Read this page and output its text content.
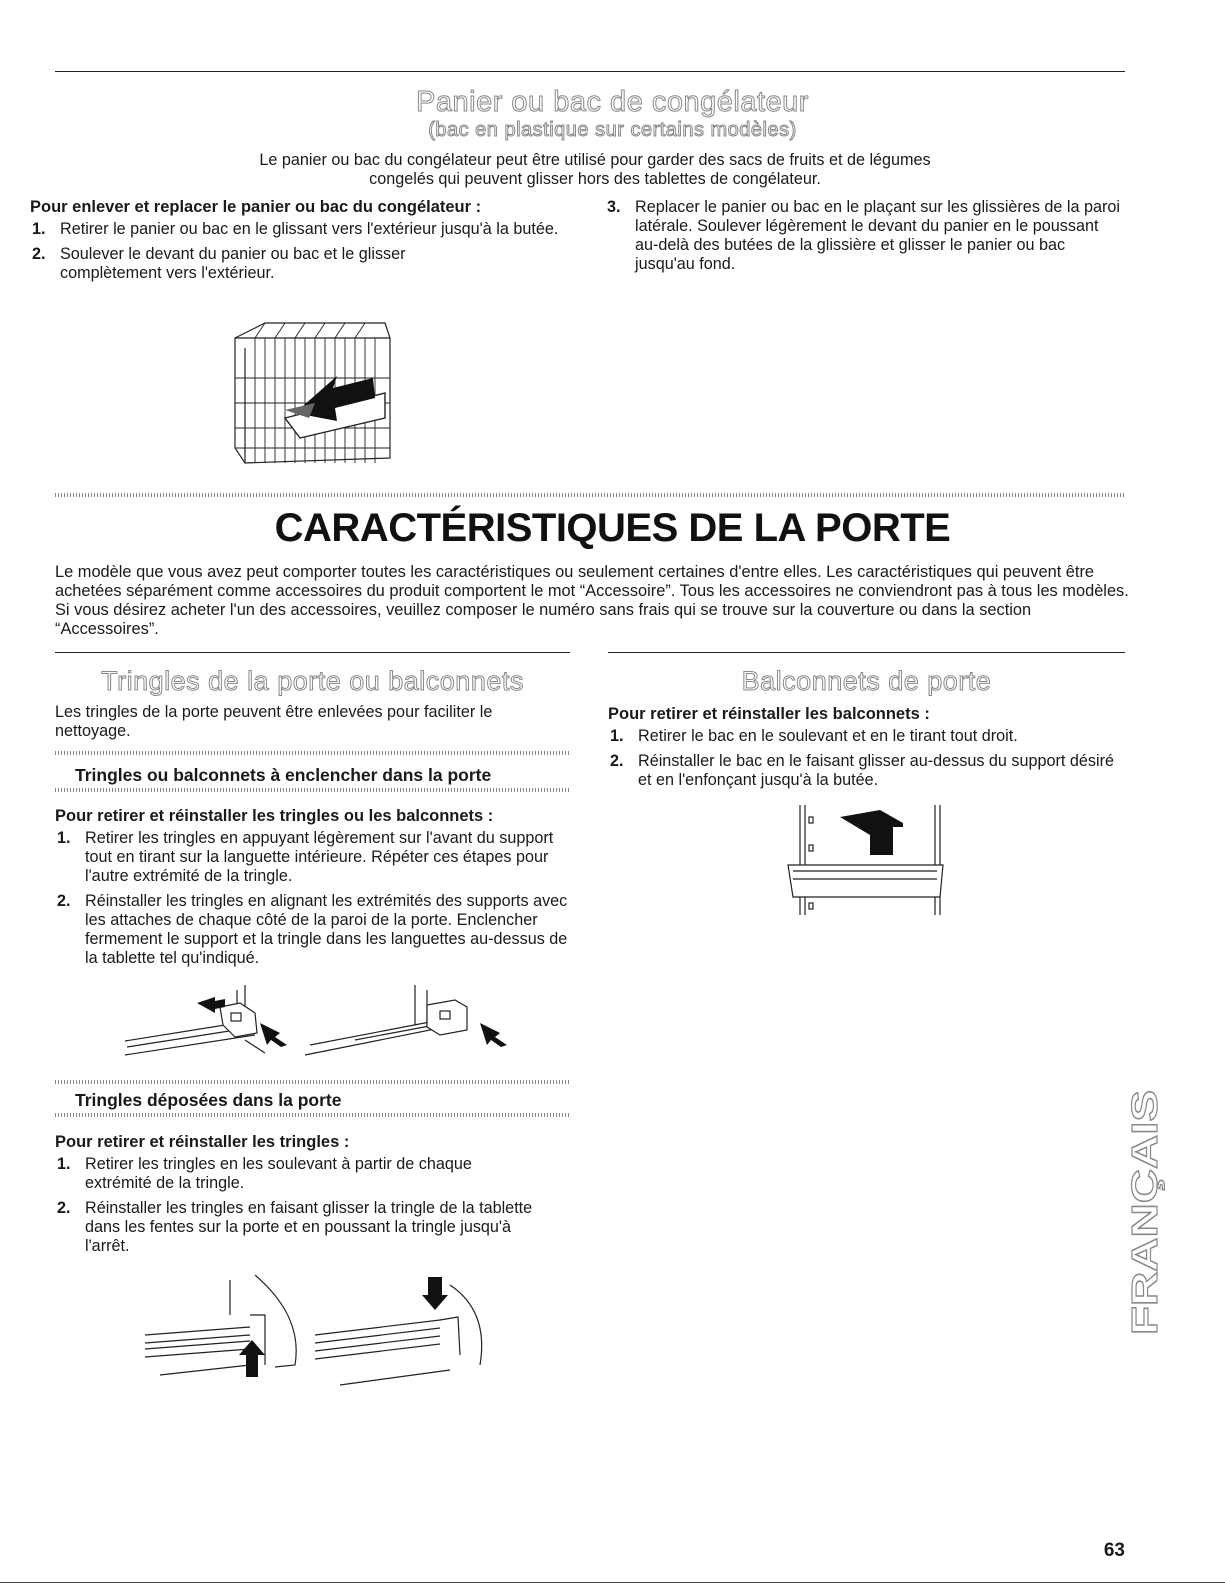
Panier ou bac de congélateur
(bac en plastique sur certains modèles)

Le panier ou bac du congélateur peut être utilisé pour garder des sacs de fruits et de légumes

congelés qui peuvent glisser hors des tablettes de congélateur.

Pour enlever et replacer le panier ou bac du congélateur :
1. Retirer le panier ou bac en le glissant vers l'extérieur jusqu'à la butée.
2. Soulever le devant du panier ou bac et le glisser complètement vers l'extérieur.
3. Replacer le panier ou bac en le plaçant sur les glissières de la paroi latérale. Soulever légèrement le devant du panier en le poussant au-delà des butées de la glissière et glisser le panier ou bac jusqu'au fond.
CARACTÉRISTIQUES DE LA PORTE

Le modèle que vous avez peut comporter toutes les caractéristiques ou seulement certaines d'entre elles. Les caractéristiques qui peuvent être achetées séparément comme accessoires du produit comportent le mot “Accessoire”. Tous les accessoires ne conviendront pas à tous les modèles. Si vous désirez acheter l'un des accessoires, veuillez composer le numéro sans frais qui se trouve sur la couverture ou dans la section “Accessoires”.

Tringles de la porte ou balconnets

Les tringles de la porte peuvent être enlevées pour faciliter le nettoyage.

Tringles ou balconnets à enclencher dans la porte
Pour retirer et réinstaller les tringles ou les balconnets :
1. Retirer les tringles en appuyant légèrement sur l'avant du support tout en tirant sur la languette intérieure. Répéter ces étapes pour l'autre extrémité de la tringle.
2. Réinstaller les tringles en alignant les extrémités des supports avec les attaches de chaque côté de la paroi de la porte. Enclencher fermement le support et la tringle dans les languettes au-dessus de la tablette tel qu'indiqué.
Tringles déposées dans la porte
Pour retirer et réinstaller les tringles :
1. Retirer les tringles en les soulevant à partir de chaque extrémité de la tringle.
2. Réinstaller les tringles en faisant glisser la tringle de la tablette dans les fentes sur la porte et en poussant la tringle jusqu'à l'arrêt.
Balconnets de porte
Pour retirer et réinstaller les balconnets :
1. Retirer le bac en le soulevant et en le tirant tout droit.
2. Réinstaller le bac en le faisant glisser au-dessus du support désiré et en l'enfonçant jusqu'à la butée.
FRANÇAIS
63
